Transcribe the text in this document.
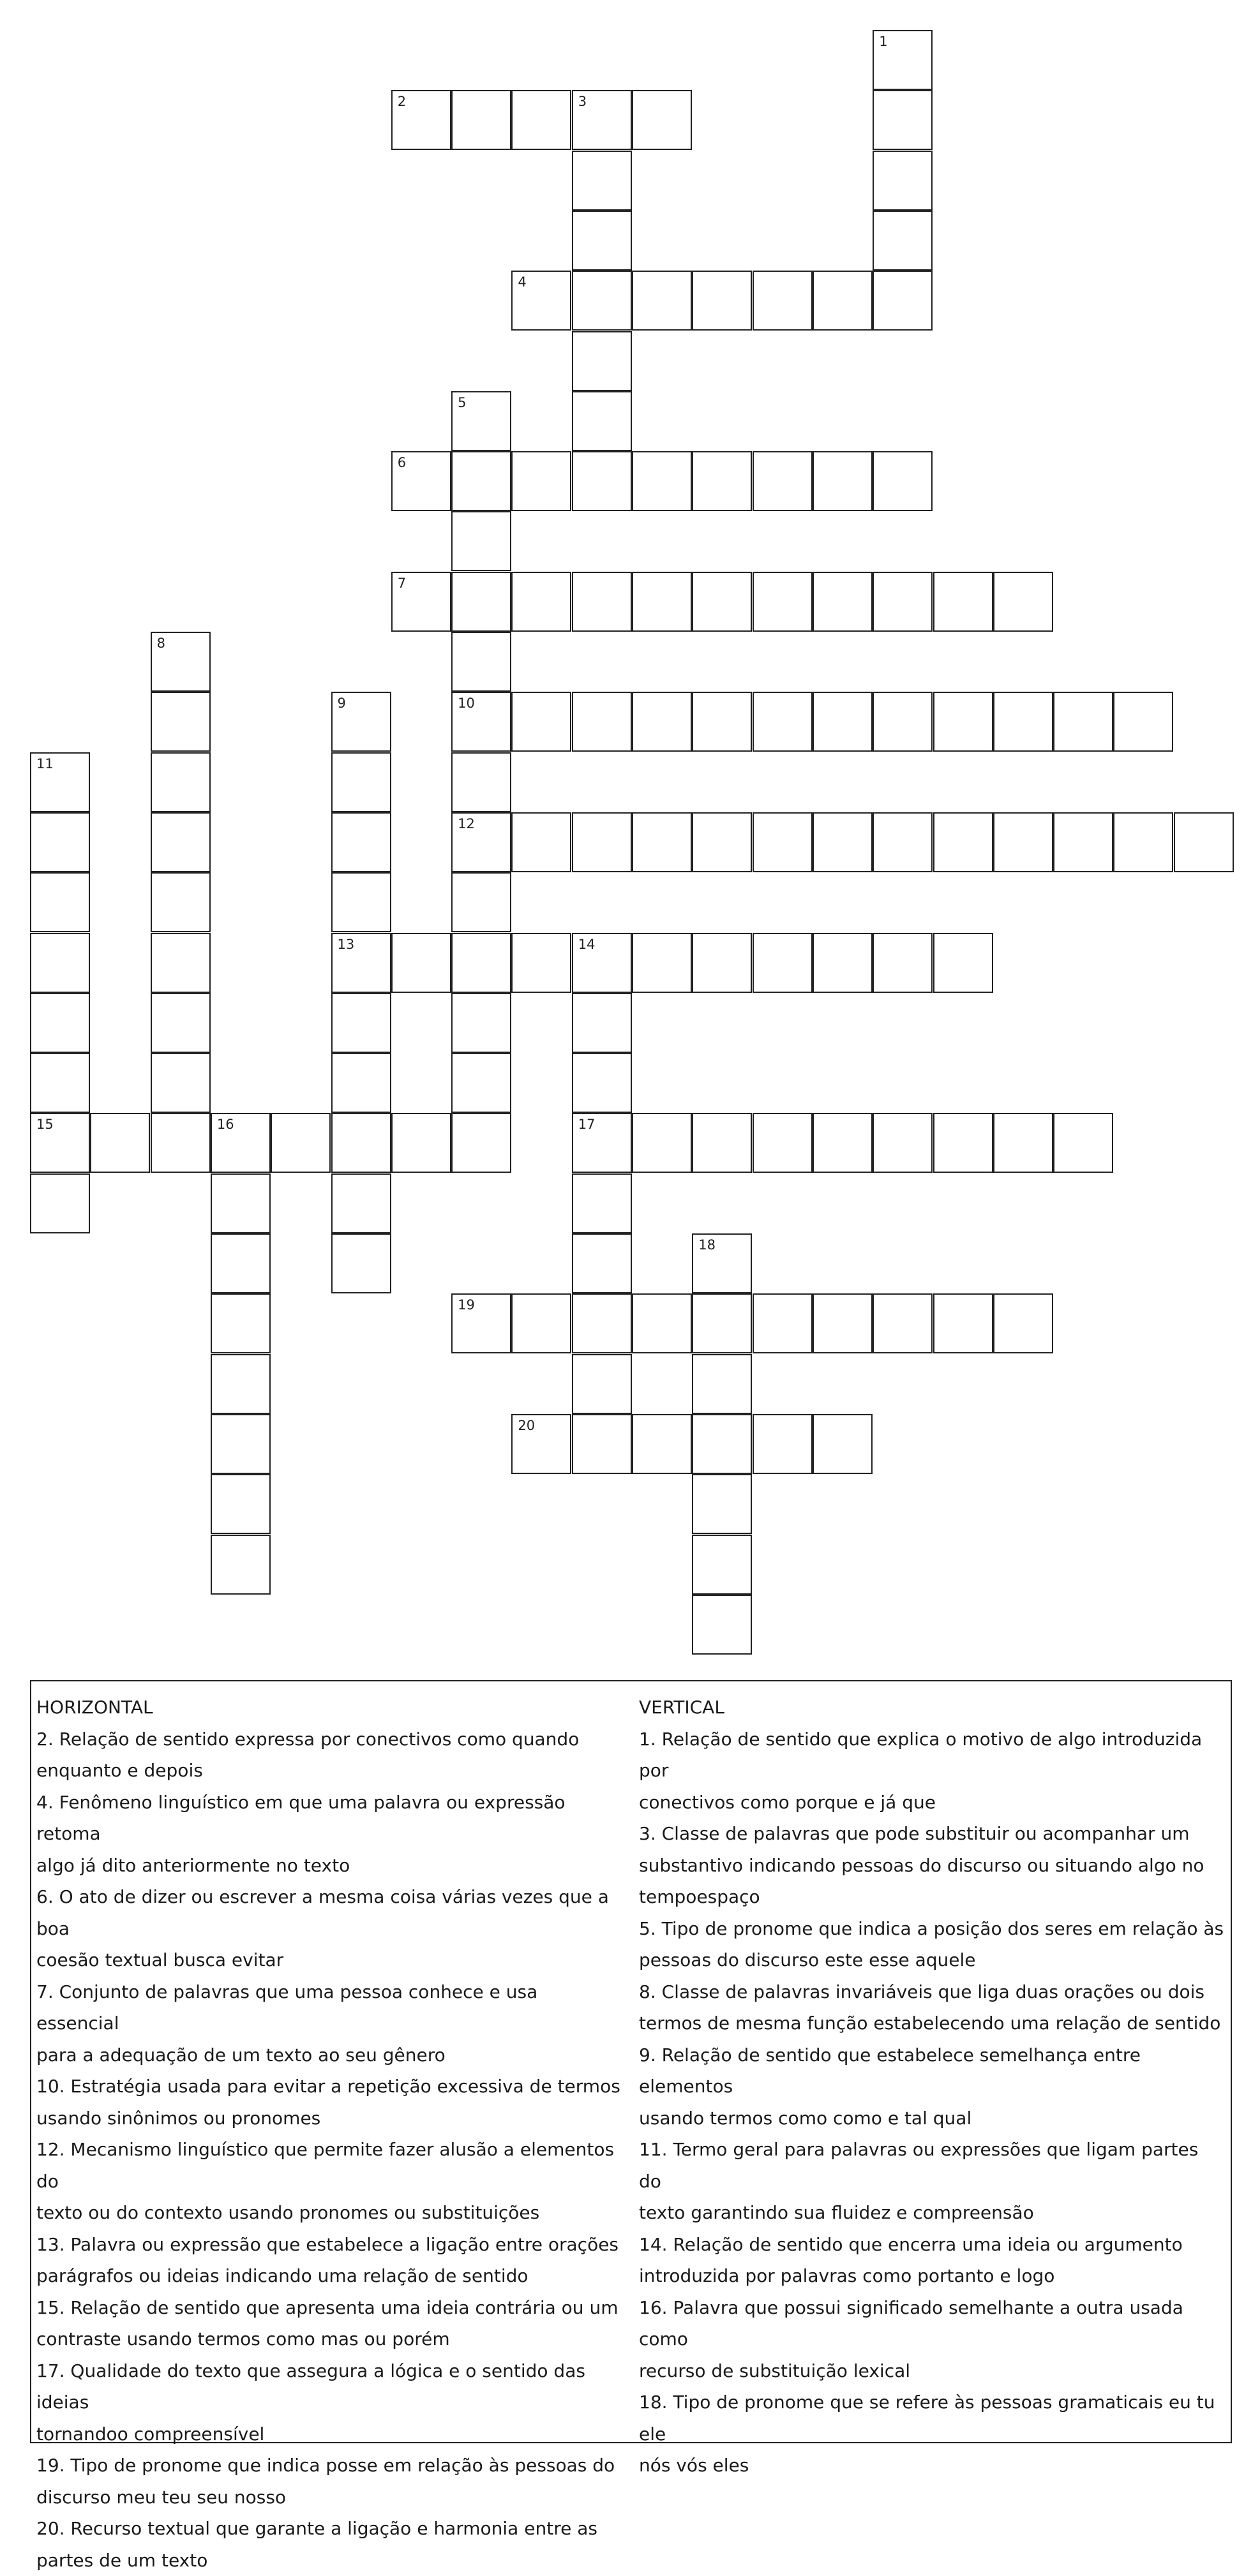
1
2	3
4
5
6
7
8
9	10
11
12
13	14
15	16	17
18
19
20
HORIZONTAL
2. Relação de sentido expressa por conectivos como quando
enquanto e depois
4. Fenômeno linguístico em que uma palavra ou expressão retoma
algo já dito anteriormente no texto
6. O ato de dizer ou escrever a mesma coisa várias vezes que a boa
coesão textual busca evitar
7. Conjunto de palavras que uma pessoa conhece e usa essencial
para a adequação de um texto ao seu gênero
10. Estratégia usada para evitar a repetição excessiva de termos
usando sinônimos ou pronomes
12. Mecanismo linguístico que permite fazer alusão a elementos do
texto ou do contexto usando pronomes ou substituições
13. Palavra ou expressão que estabelece a ligação entre orações
parágrafos ou ideias indicando uma relação de sentido
15. Relação de sentido que apresenta uma ideia contrária ou um
contraste usando termos como mas ou porém
17. Qualidade do texto que assegura a lógica e o sentido das ideias
tornandoo compreensível
19. Tipo de pronome que indica posse em relação às pessoas do
discurso meu teu seu nosso
20. Recurso textual que garante a ligação e harmonia entre as
partes de um texto
VERTICAL
1. Relação de sentido que explica o motivo de algo introduzida por
conectivos como porque e já que
3. Classe de palavras que pode substituir ou acompanhar um
substantivo indicando pessoas do discurso ou situando algo no
tempoespaço
5. Tipo de pronome que indica a posição dos seres em relação às
pessoas do discurso este esse aquele
8. Classe de palavras invariáveis que liga duas orações ou dois
termos de mesma função estabelecendo uma relação de sentido
9. Relação de sentido que estabelece semelhança entre elementos
usando termos como como e tal qual
11. Termo geral para palavras ou expressões que ligam partes do
texto garantindo sua fluidez e compreensão
14. Relação de sentido que encerra uma ideia ou argumento
introduzida por palavras como portanto e logo
16. Palavra que possui significado semelhante a outra usada como
recurso de substituição lexical
18. Tipo de pronome que se refere às pessoas gramaticais eu tu ele
nós vós eles
